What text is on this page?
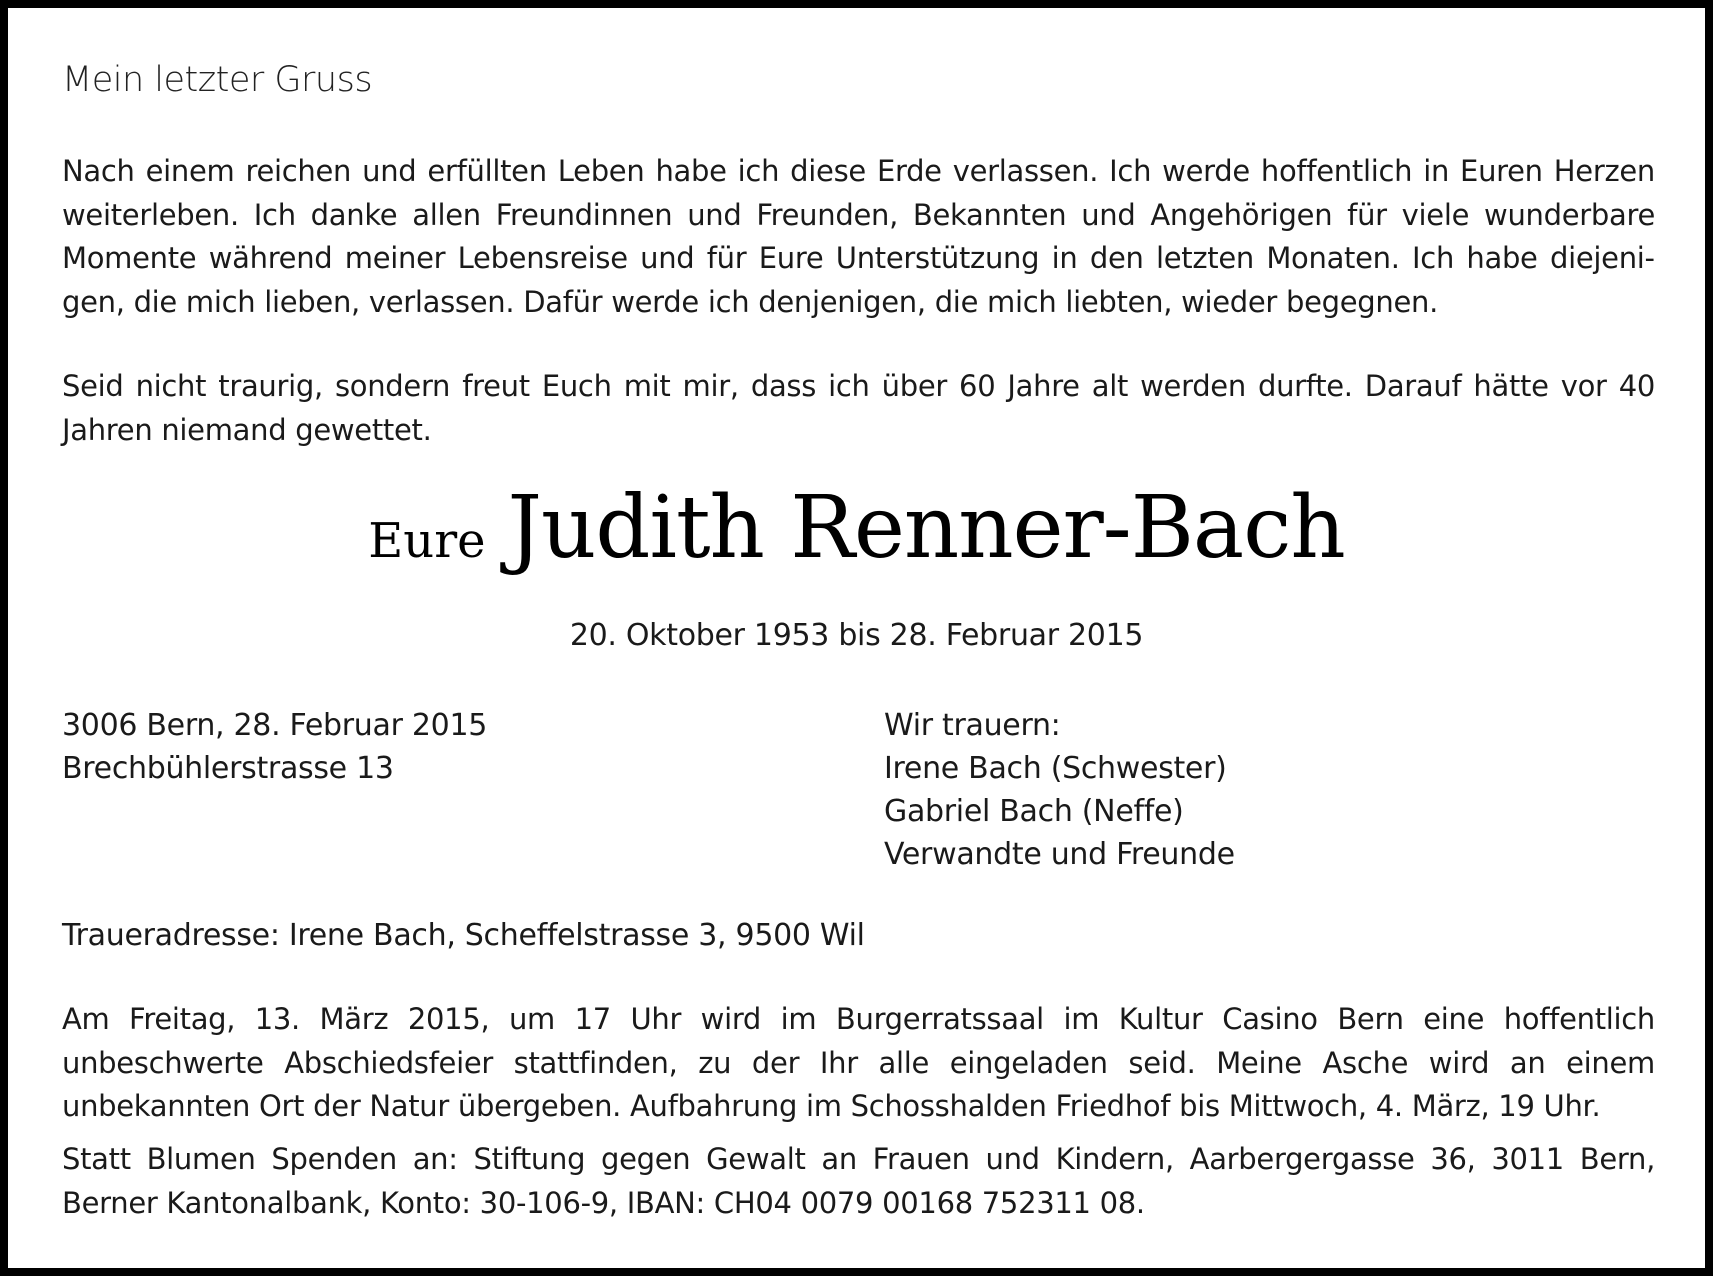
Mein letzter Gruss

Nach einem reichen und erfüllten Leben habe ich diese Erde verlassen. Ich werde hoffentlich in Euren Herzen weiterleben. Ich danke allen Freundinnen und Freunden, Bekannten und Angehörigen für viele wunderbare Momente während meiner Lebensreise und für Eure Unterstützung in den letzten Monaten. Ich habe diejenigen, die mich lieben, verlassen. Dafür werde ich denjenigen, die mich liebten, wieder begegnen.

Seid nicht traurig, sondern freut Euch mit mir, dass ich über 60 Jahre alt werden durfte. Darauf hätte vor 40 Jahren niemand gewettet.

Eure Judith Renner-Bach
20. Oktober 1953 bis 28. Februar 2015
3006 Bern, 28. Februar 2015
Brechbühlerstrasse 13
Wir trauern:
Irene Bach (Schwester)
Gabriel Bach (Neffe)
Verwandte und Freunde
Traueradresse: Irene Bach, Scheffelstrasse 3, 9500 Wil

Am Freitag, 13. März 2015, um 17 Uhr wird im Burgerratssaal im Kultur Casino Bern eine hoffentlich unbeschwerte Abschiedsfeier stattfinden, zu der Ihr alle eingeladen seid. Meine Asche wird an einem unbekannten Ort der Natur übergeben. Aufbahrung im Schosshalden Friedhof bis Mittwoch, 4. März, 19 Uhr.

Statt Blumen Spenden an: Stiftung gegen Gewalt an Frauen und Kindern, Aarbergergasse 36, 3011 Bern, Berner Kantonalbank, Konto: 30-106-9, IBAN: CH04 0079 00168 752311 08.
